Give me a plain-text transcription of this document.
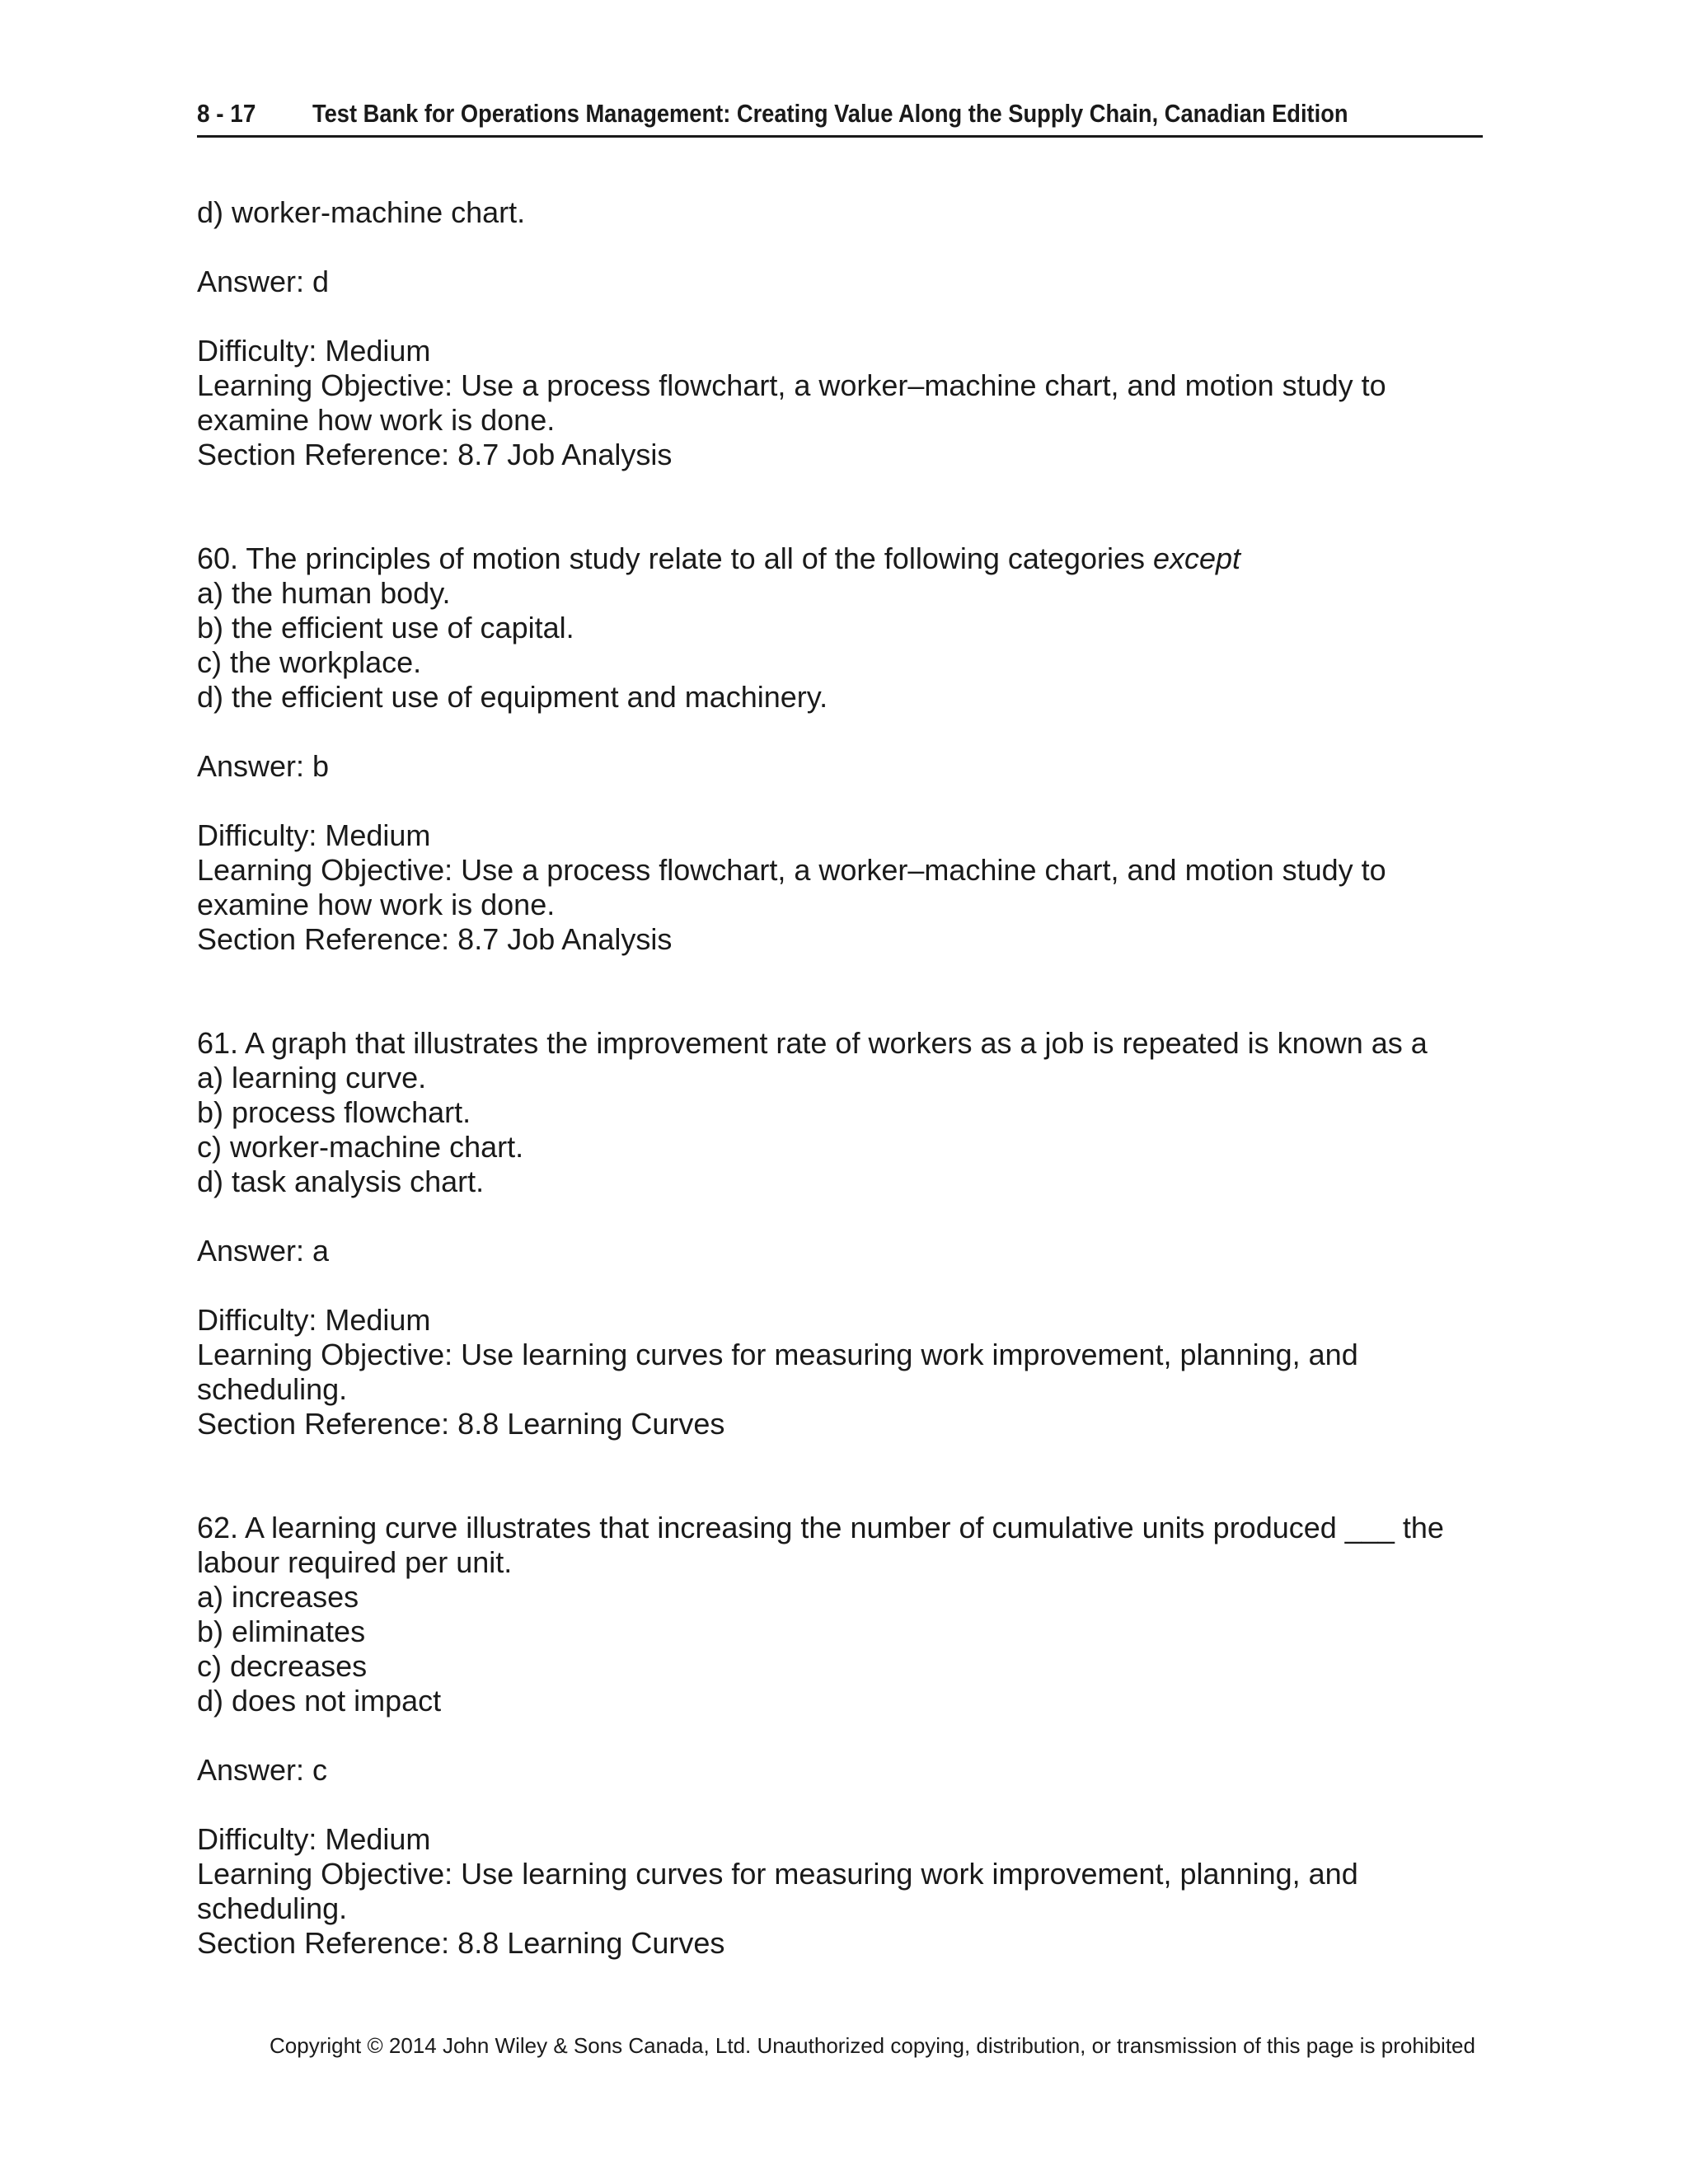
8 - 17 Test Bank for Operations Management: Creating Value Along the Supply Chain, Canadian Edition
d) worker-machine chart.
Answer: d
Difficulty: Medium
Learning Objective: Use a process flowchart, a worker–machine chart, and motion study to
examine how work is done.
Section Reference: 8.7 Job Analysis
60. The principles of motion study relate to all of the following categories except
a) the human body.
b) the efficient use of capital.
c) the workplace.
d) the efficient use of equipment and machinery.
Answer: b
Difficulty: Medium
Learning Objective: Use a process flowchart, a worker–machine chart, and motion study to
examine how work is done.
Section Reference: 8.7 Job Analysis
61. A graph that illustrates the improvement rate of workers as a job is repeated is known as a
a) learning curve.
b) process flowchart.
c) worker-machine chart.
d) task analysis chart.
Answer: a
Difficulty: Medium
Learning Objective: Use learning curves for measuring work improvement, planning, and
scheduling.
Section Reference: 8.8 Learning Curves
62. A learning curve illustrates that increasing the number of cumulative units produced ___ the
labour required per unit.
a) increases
b) eliminates
c) decreases
d) does not impact
Answer: c
Difficulty: Medium
Learning Objective: Use learning curves for measuring work improvement, planning, and
scheduling.
Section Reference: 8.8 Learning Curves
Copyright © 2014 John Wiley & Sons Canada, Ltd. Unauthorized copying, distribution, or transmission of this page is prohibited
